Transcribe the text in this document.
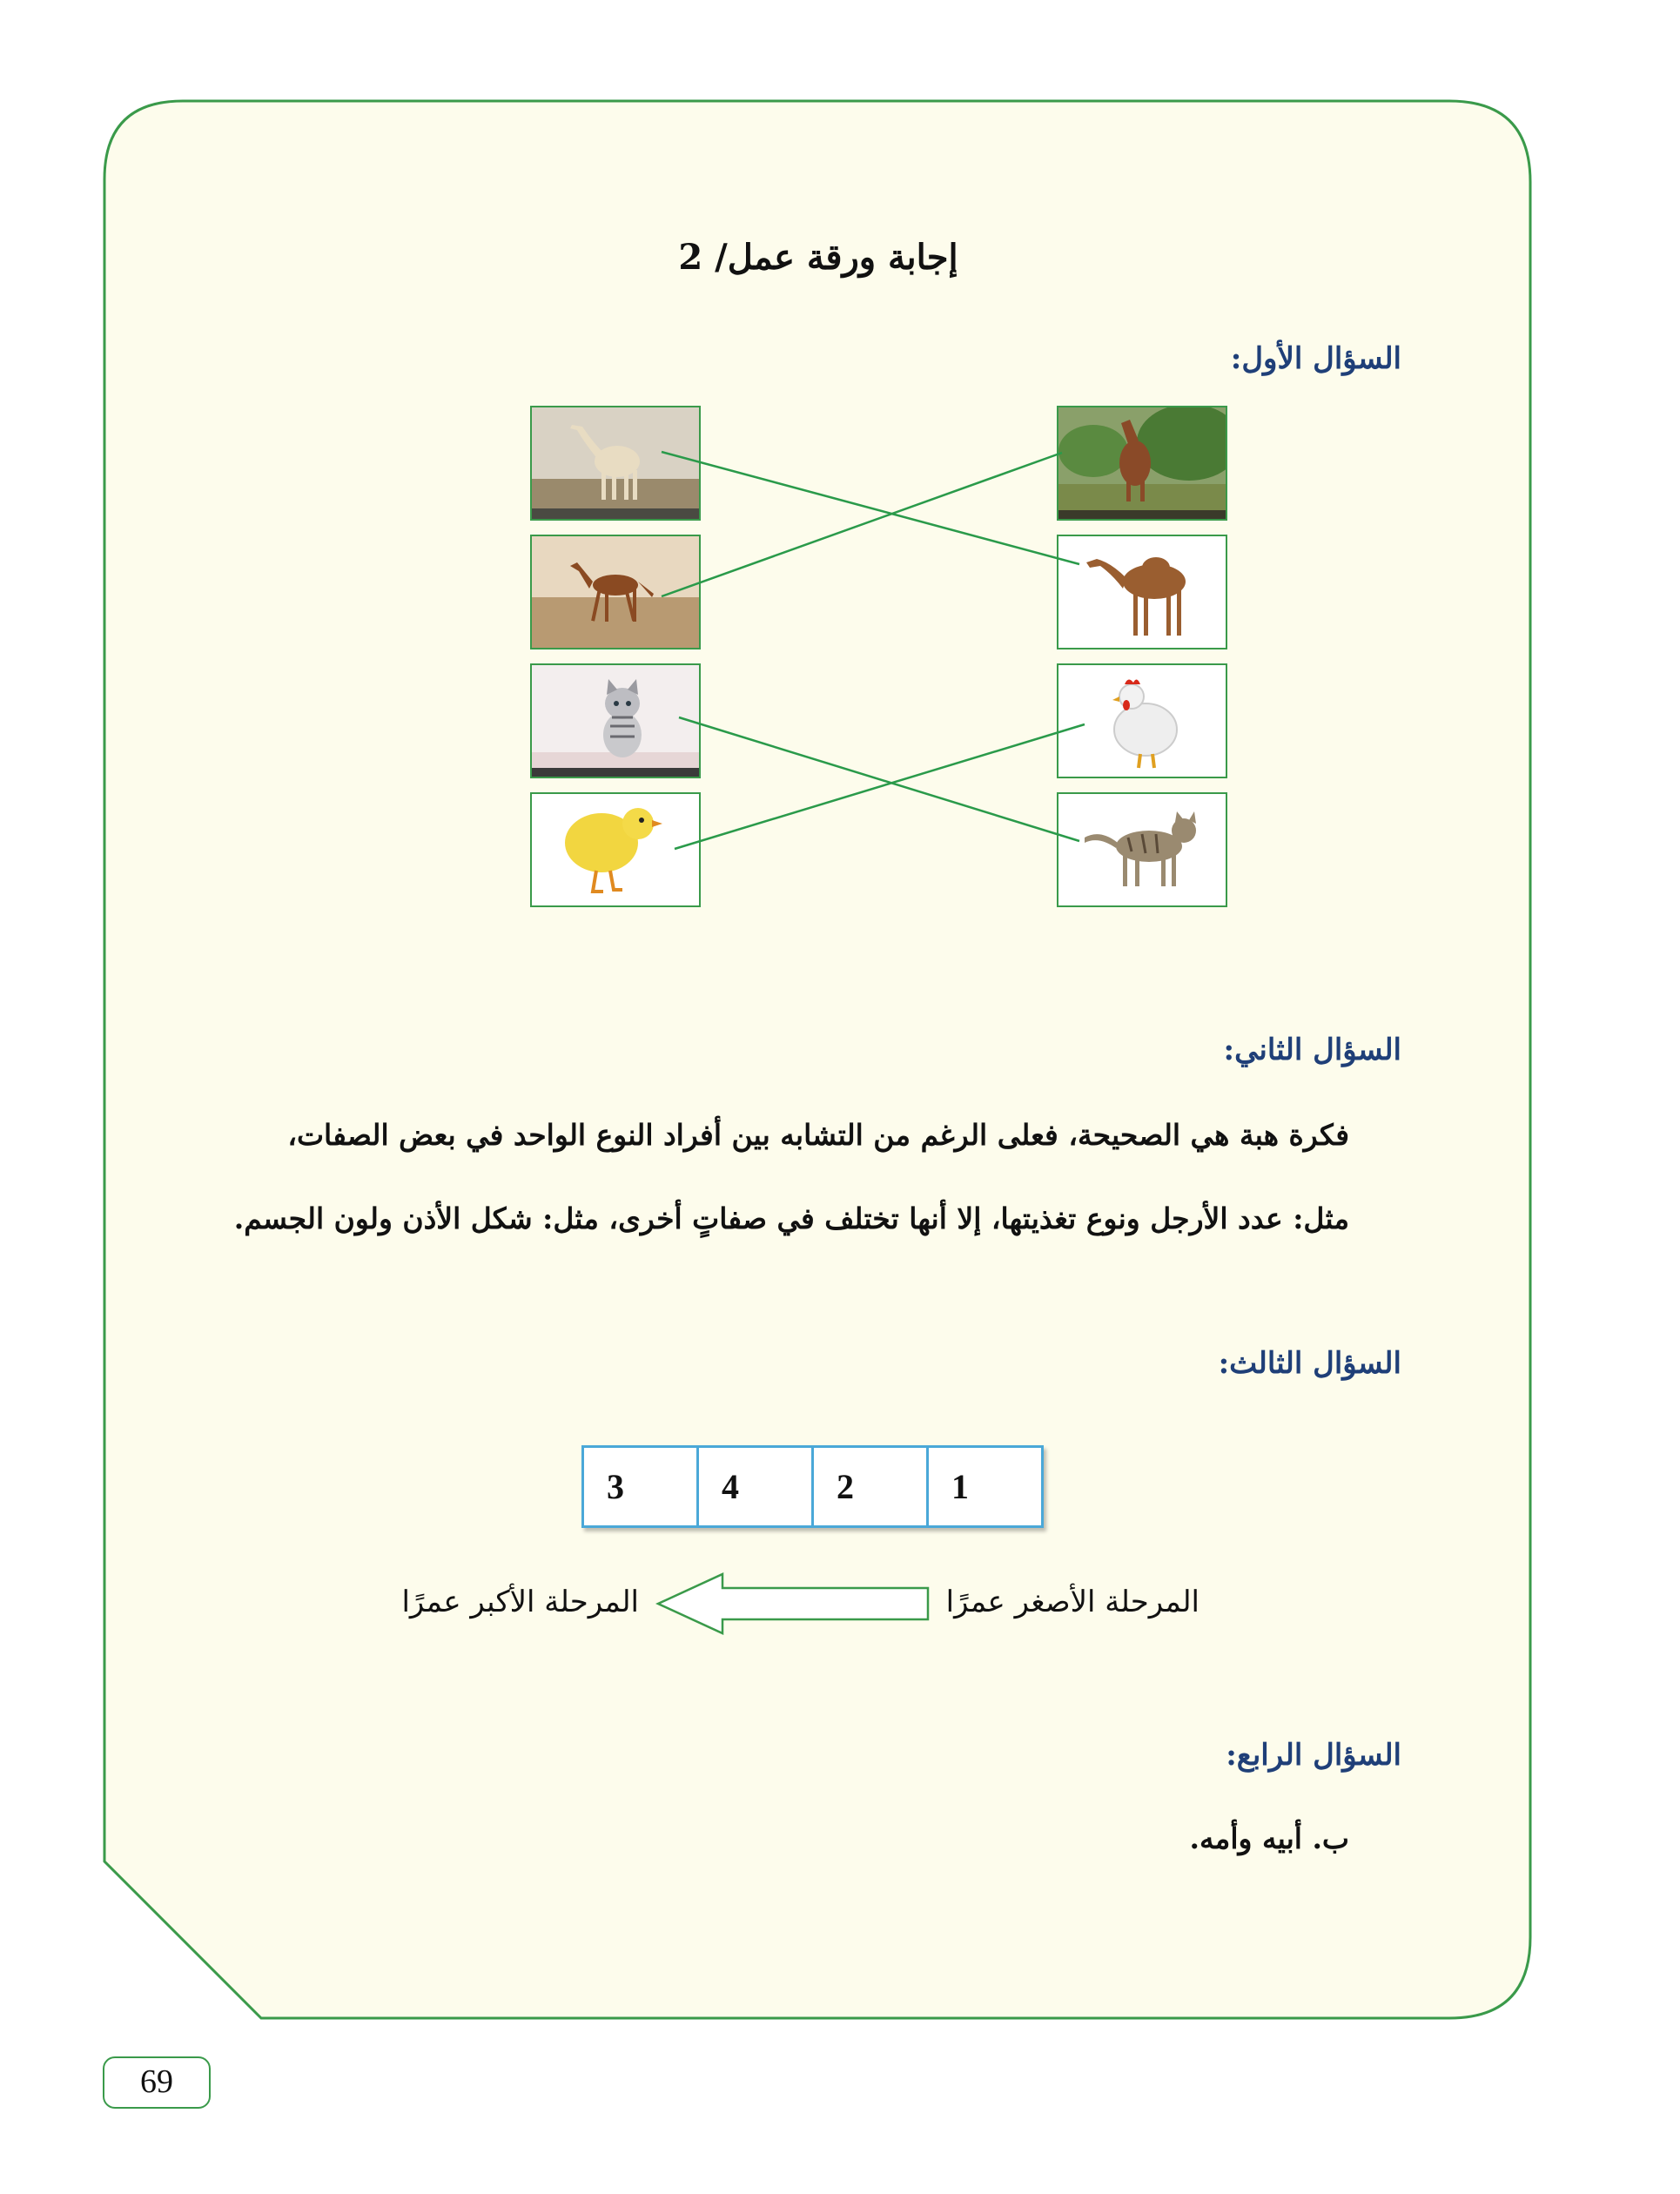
إجابة ورقة عمل/ 2
السؤال الأول:
السؤال الثاني:
فكرة هبة هي الصحيحة، فعلى الرغم من التشابه بين أفراد النوع الواحد في بعض الصفات،
مثل: عدد الأرجل ونوع تغذيتها، إلا أنها تختلف في صفاتٍ أخرى، مثل: شكل الأذن ولون الجسم.
السؤال الثالث:
3	4	2	1
المرحلة الأصغر عمرًا
المرحلة الأكبر عمرًا
السؤال الرابع:
ب. أبيه وأمه.
69
